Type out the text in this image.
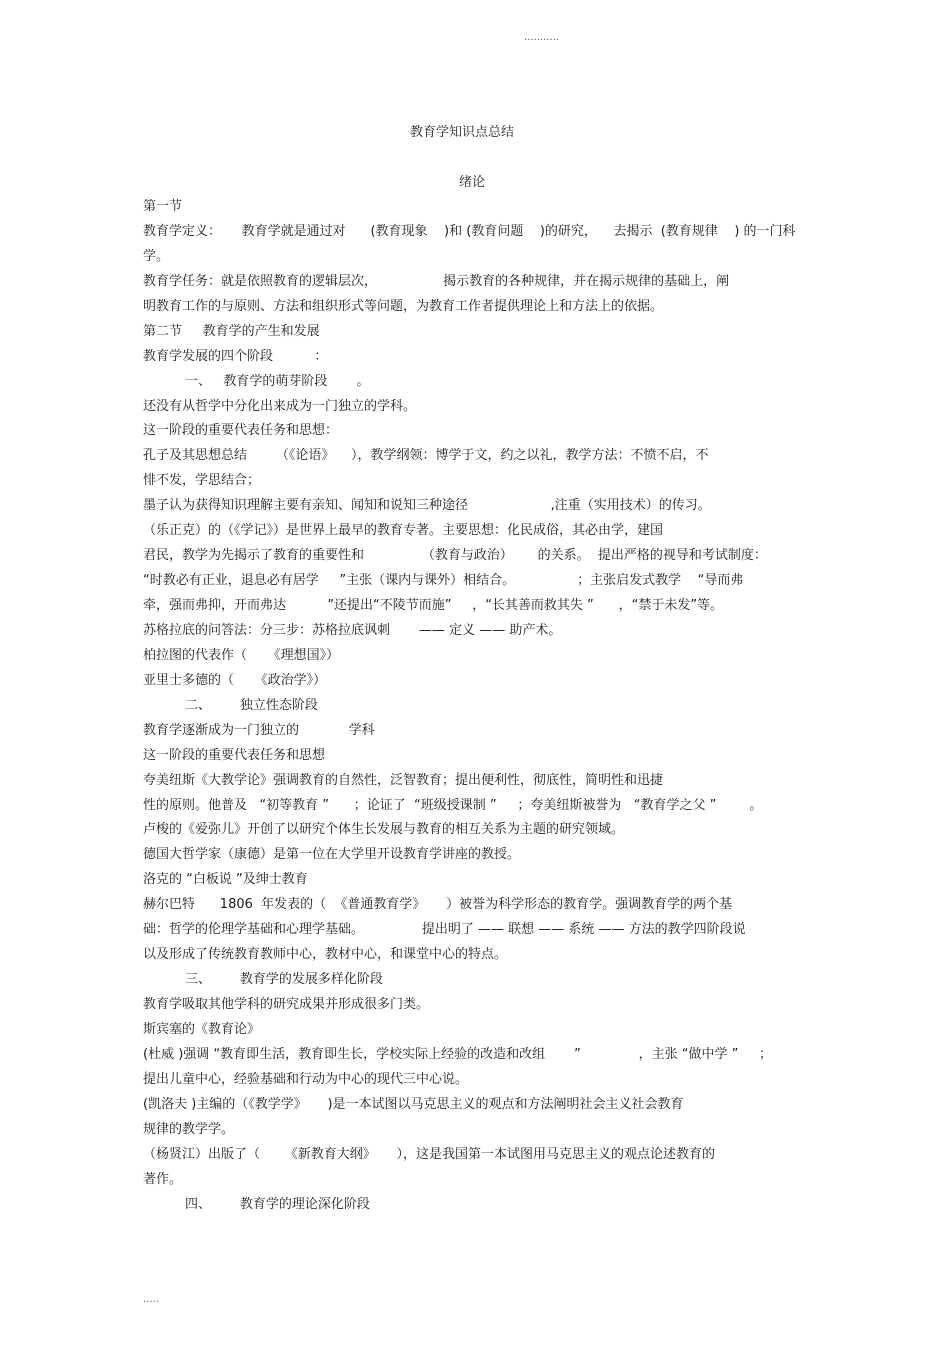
...........
教育学知识点总结
绪论
第一节
教育学定义：     教育学就是通过对      (教育现象    )和 (教育问题    )的研究，    去揭示  (教育规律    ) 的一门科
学。
教育学任务：就是依照教育的逻辑层次，                揭示教育的各种规律，并在揭示规律的基础上，阐
明教育工作的与原则、方法和组织形式等问题，为教育工作者提供理论上和方法上的依据。
第二节     教育学的产生和发展
教育学发展的四个阶段          ：
一、   教育学的萌芽阶段       。
还没有从哲学中分化出来成为一门独立的学科。
这一阶段的重要代表任务和思想：
孔子及其思想总结       （《论语》    ），教学纲领：博学于文，约之以礼，教学方法：不愤不启，不
悱不发，学思结合；
墨子认为获得知识理解主要有亲知、闻知和说知三种途径                    ,注重（实用技术）的传习。
（乐正克）的（《学记》）是世界上最早的教育专著。主要思想：化民成俗，其必由学，建国
君民，教学为先揭示了教育的重要性和              （教育与政治）      的关系。  提出严格的视导和考试制度：
“时教必有正业，退息必有居学     ”主张（课内与课外）相结合。               ；主张启发式教学    “导而弗
牵，强而弗抑，开而弗达          ”还提出“不陵节而施”     ，“长其善而救其失 ”      ，“禁于未发”等。
苏格拉底的问答法：分三步：苏格拉底讽刺       —— 定义 —— 助产术。
柏拉图的代表作（     《理想国》）
亚里士多德的（     《政治学》）
二、       独立性态阶段
教育学逐渐成为一门独立的            学科
这一阶段的重要代表任务和思想
夸美纽斯《大教学论》强调教育的自然性，泛智教育；提出便利性，彻底性，简明性和迅捷
性的原则。他普及   “初等教育 ”      ；论证了  “班级授课制 ”     ；夸美纽斯被誉为   “教育学之父 ”        。
卢梭的《爱弥儿》开创了以研究个体生长发展与教育的相互关系为主题的研究领域。
德国大哲学家（康德）是第一位在大学里开设教育学讲座的教授。
洛克的 “白板说 ”及绅士教育
赫尔巴特      1806  年发表的（  《普通教育学》     ）被誉为科学形态的教育学。强调教育学的两个基
础：哲学的伦理学基础和心理学基础。              提出明了 —— 联想 —— 系统 —— 方法的教学四阶段说
以及形成了传统教育教师中心，教材中心，和课堂中心的特点。
三、       教育学的发展多样化阶段
教育学吸取其他学科的研究成果并形成很多门类。
斯宾塞的《教育论》
(杜威 )强调 “教育即生活，教育即生长，学校实际上经验的改造和改组       ”              ，主张 “做中学 ”     ；
提出儿童中心，经验基础和行动为中心的现代三中心说。
(凯洛夫 )主编的（《教学学》     )是一本试图以马克思主义的观点和方法阐明社会主义社会教育
规律的教学学。
（杨贤江）出版了（      《新教育大纲》     ），这是我国第一本试图用马克思主义的观点论述教育的
著作。
四、       教育学的理论深化阶段
.....
